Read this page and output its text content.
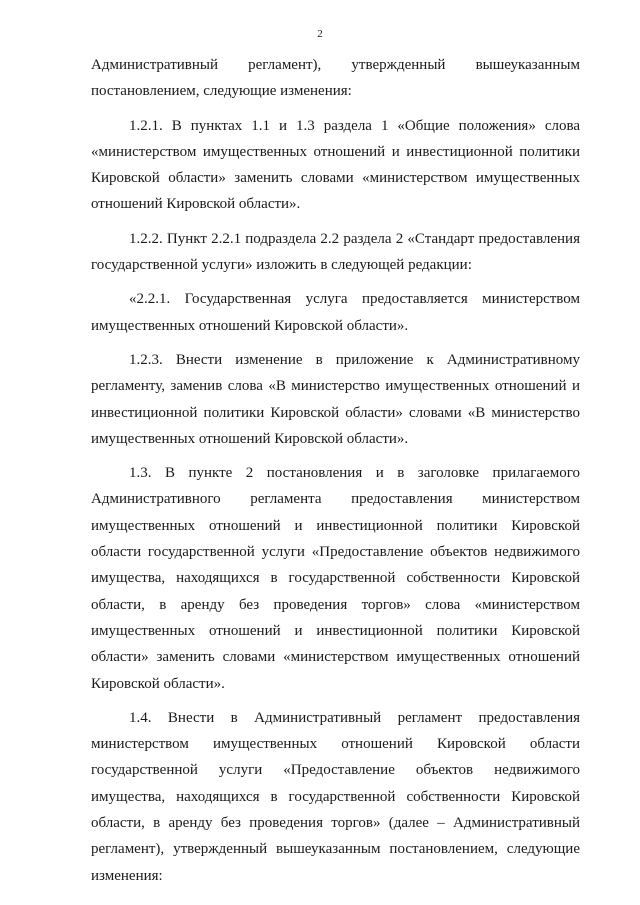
2

Административный регламент), утвержденный вышеуказанным постановлением, следующие изменения:

1.2.1. В пунктах 1.1 и 1.3 раздела 1 «Общие положения» слова «министерством имущественных отношений и инвестиционной политики Кировской области» заменить словами «министерством имущественных отношений Кировской области».

1.2.2. Пункт 2.2.1 подраздела 2.2 раздела 2 «Стандарт предоставления государственной услуги» изложить в следующей редакции:

«2.2.1. Государственная услуга предоставляется министерством имущественных отношений Кировской области».

1.2.3. Внести изменение в приложение к Административному регламенту, заменив слова «В министерство имущественных отношений и инвестиционной политики Кировской области» словами «В министерство имущественных отношений Кировской области».

1.3. В пункте 2 постановления и в заголовке прилагаемого Административного регламента предоставления министерством имущественных отношений и инвестиционной политики Кировской области государственной услуги «Предоставление объектов недвижимого имущества, находящихся в государственной собственности Кировской области, в аренду без проведения торгов» слова «министерством имущественных отношений и инвестиционной политики Кировской области» заменить словами «министерством имущественных отношений Кировской области».

1.4. Внести в Административный регламент предоставления министерством имущественных отношений Кировской области государственной услуги «Предоставление объектов недвижимого имущества, находящихся в государственной собственности Кировской области, в аренду без проведения торгов» (далее – Административный регламент), утвержденный вышеуказанным постановлением, следующие изменения:
